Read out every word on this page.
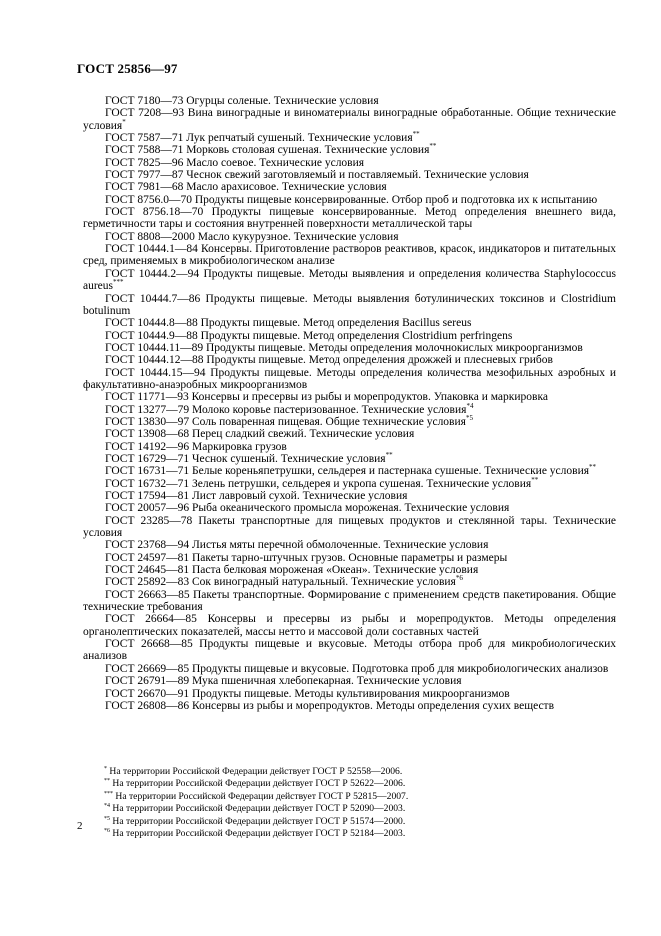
ГОСТ 25856—97

ГОСТ 7180—73 Огурцы соленые. Технические условия

ГОСТ 7208—93 Вина виноградные и виноматериалы виноградные обработанные. Общие технические условия*

ГОСТ 7587—71 Лук репчатый сушеный. Технические условия**

ГОСТ 7588—71 Морковь столовая сушеная. Технические условия**

ГОСТ 7825—96 Масло соевое. Технические условия

ГОСТ 7977—87 Чеснок свежий заготовляемый и поставляемый. Технические условия

ГОСТ 7981—68 Масло арахисовое. Технические условия

ГОСТ 8756.0—70 Продукты пищевые консервированные. Отбор проб и подготовка их к испытанию

ГОСТ 8756.18—70 Продукты пищевые консервированные. Метод определения внешнего вида, герметичности тары и состояния внутренней поверхности металлической тары

ГОСТ 8808—2000 Масло кукурузное. Технические условия

ГОСТ 10444.1—84 Консервы. Приготовление растворов реактивов, красок, индикаторов и питательных сред, применяемых в микробиологическом анализе

ГОСТ 10444.2—94 Продукты пищевые. Методы выявления и определения количества Staphylococcus aureus***

ГОСТ 10444.7—86 Продукты пищевые. Методы выявления ботулинических токсинов и Clostridium botulinum

ГОСТ 10444.8—88 Продукты пищевые. Метод определения Bacillus sereus

ГОСТ 10444.9—88 Продукты пищевые. Метод определения Clostridium perfringens

ГОСТ 10444.11—89 Продукты пищевые. Методы определения молочнокислых микроорганизмов

ГОСТ 10444.12—88 Продукты пищевые. Метод определения дрожжей и плесневых грибов

ГОСТ 10444.15—94 Продукты пищевые. Методы определения количества мезофильных аэробных и факультативно-анаэробных микроорганизмов

ГОСТ 11771—93 Консервы и пресервы из рыбы и морепродуктов. Упаковка и маркировка

ГОСТ 13277—79 Молоко коровье пастеризованное. Технические условия$^{*4}$

ГОСТ 13830—97 Соль поваренная пищевая. Общие технические условия$^{*5}$

ГОСТ 13908—68 Перец сладкий свежий. Технические условия

ГОСТ 14192—96 Маркировка грузов

ГОСТ 16729—71 Чеснок сушеный. Технические условия**

ГОСТ 16731—71 Белые кореньяпетрушки, сельдерея и пастернака сушеные. Технические условия**

ГОСТ 16732—71 Зелень петрушки, сельдерея и укропа сушеная. Технические условия**

ГОСТ 17594—81 Лист лавровый сухой. Технические условия

ГОСТ 20057—96 Рыба океанического промысла мороженая. Технические условия

ГОСТ 23285—78 Пакеты транспортные для пищевых продуктов и стеклянной тары. Технические условия

ГОСТ 23768—94 Листья мяты перечной обмолоченные. Технические условия

ГОСТ 24597—81 Пакеты тарно-штучных грузов. Основные параметры и размеры

ГОСТ 24645—81 Паста белковая мороженая «Океан». Технические условия

ГОСТ 25892—83 Сок виноградный натуральный. Технические условия$^{*6}$

ГОСТ 26663—85 Пакеты транспортные. Формирование с применением средств пакетирования. Общие технические требования

ГОСТ 26664—85 Консервы и пресервы из рыбы и морепродуктов. Методы определения органолептических показателей, массы нетто и массовой доли составных частей

ГОСТ 26668—85 Продукты пищевые и вкусовые. Методы отбора проб для микробиологических анализов

ГОСТ 26669—85 Продукты пищевые и вкусовые. Подготовка проб для микробиологических анализов

ГОСТ 26791—89 Мука пшеничная хлебопекарная. Технические условия

ГОСТ 26670—91 Продукты пищевые. Методы культивирования микроорганизмов

ГОСТ 26808—86 Консервы из рыбы и морепродуктов. Методы определения сухих веществ

* На территории Российской Федерации действует ГОСТ Р 52558—2006.
** На территории Российской Федерации действует ГОСТ Р 52622—2006.
*** На территории Российской Федерации действует ГОСТ Р 52815—2007.
$^{*4}$ На территории Российской Федерации действует ГОСТ Р 52090—2003.
$^{*5}$ На территории Российской Федерации действует ГОСТ Р 51574—2000.
$^{*6}$ На территории Российской Федерации действует ГОСТ Р 52184—2003.
2
